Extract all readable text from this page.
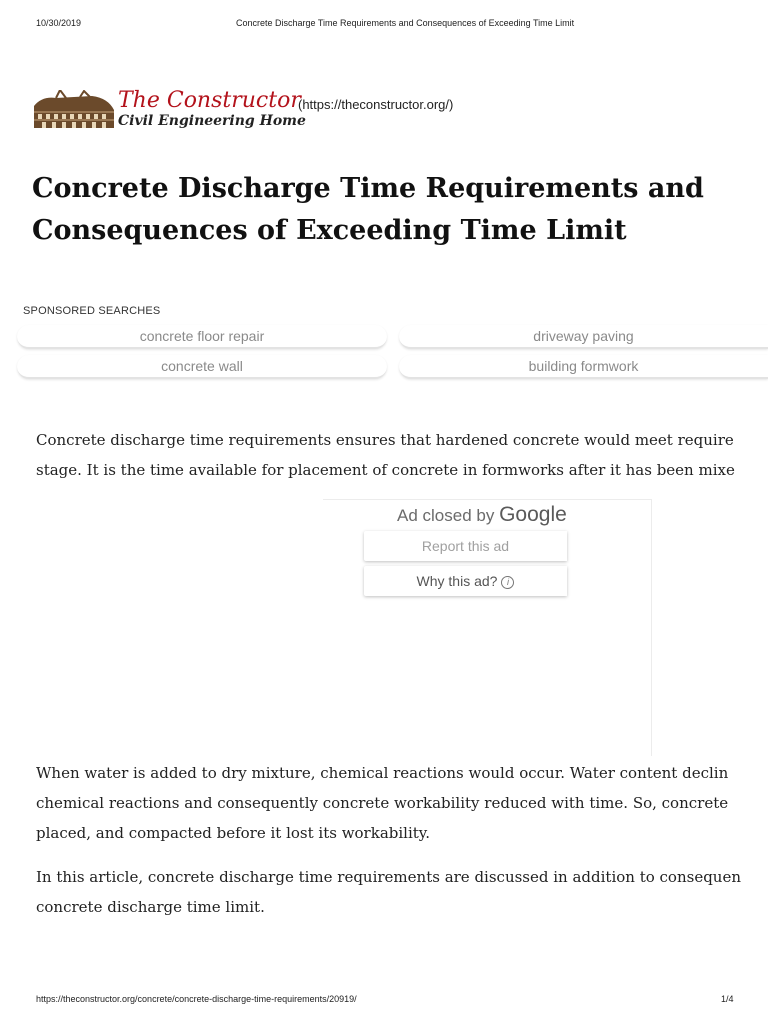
10/30/2019	Concrete Discharge Time Requirements and Consequences of Exceeding Time Limit
The Constructor
Civil Engineering Home
(https://theconstructor.org/)
Concrete Discharge Time Requirements and Consequences of Exceeding Time Limit
SPONSORED SEARCHES
concrete floor repair	driveway paving
concrete wall	building formwork

Concrete discharge time requirements ensures that hardened concrete would meet require
stage. It is the time available for placement of concrete in formworks after it has been mixe

Ad closed by Google
Report this ad
Why this ad? i

When water is added to dry mixture, chemical reactions would occur. Water content declin
chemical reactions and consequently concrete workability reduced with time. So, concrete
placed, and compacted before it lost its workability.

In this article, concrete discharge time requirements are discussed in addition to consequen
concrete discharge time limit.

https://theconstructor.org/concrete/concrete-discharge-time-requirements/20919/	1/4
